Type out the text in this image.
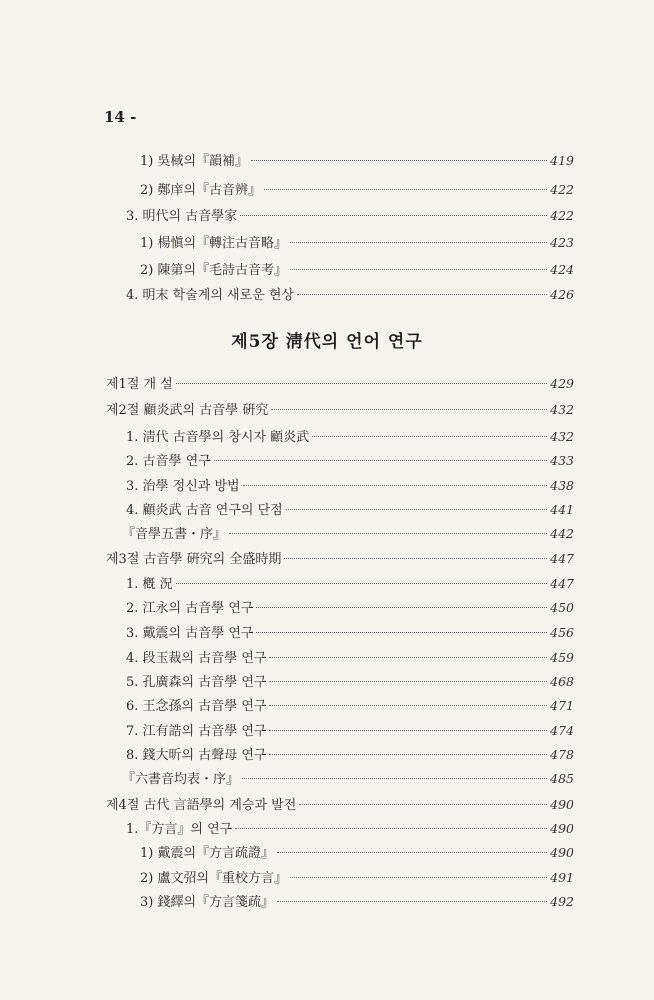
14 -
제5장 淸代의 언어 연구
1) 吳棫의『韻補』	419
2) 鄭庠의『古音辨』	422
3. 明代의 古音學家	422
1) 楊愼의『轉注古音略』	423
2) 陳第의『毛詩古音考』	424
4. 明末 학술계의 새로운 현상	426
제1절 개 설	429
제2절 顧炎武의 古音學 硏究	432
1. 淸代 古音學의 창시자 顧炎武	432
2. 古音學 연구	433
3. 治學 정신과 방법	438
4. 顧炎武 古音 연구의 단점	441
『音學五書・序』	442
제3절 古音學 硏究의 全盛時期	447
1. 槪 況	447
2. 江永의 古音學 연구	450
3. 戴震의 古音學 연구	456
4. 段玉裁의 古音學 연구	459
5. 孔廣森의 古音學 연구	468
6. 王念孫의 古音學 연구	471
7. 江有誥의 古音學 연구	474
8. 錢大昕의 古聲母 연구	478
『六書音均表・序』	485
제4절 古代 言語學의 계승과 발전	490
1.『方言』의 연구	490
1) 戴震의『方言疏證』	490
2) 盧文弨의『重校方言』	491
3) 錢繹의『方言箋疏』	492
